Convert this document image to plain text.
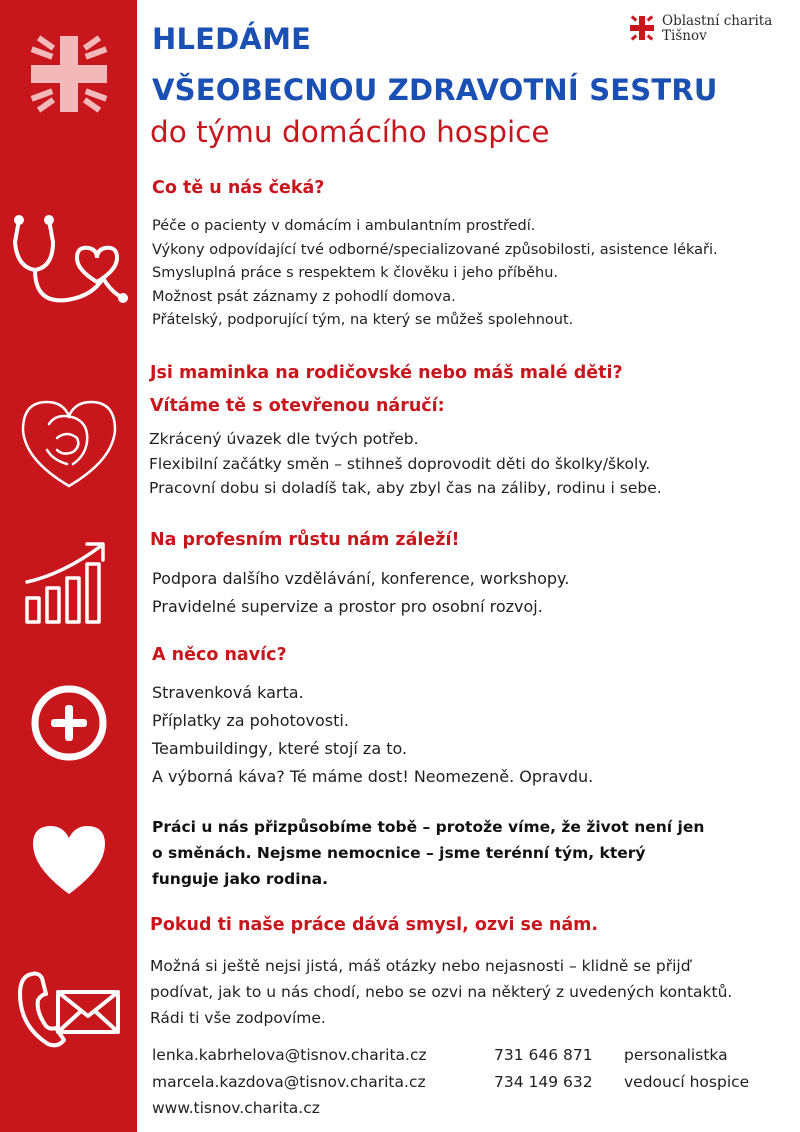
Oblastní charita
Tišnov
HLEDÁME
VŠEOBECNOU ZDRAVOTNÍ SESTRU
do týmu domácího hospice
Co tě u nás čeká?
Péče o pacienty v domácím i ambulantním prostředí.
Výkony odpovídající tvé odborné/specializované způsobilosti, asistence lékaři.
Smysluplná práce s respektem k člověku i jeho příběhu.
Možnost psát záznamy z pohodlí domova.
Přátelský, podporující tým, na který se můžeš spolehnout.
Jsi maminka na rodičovské nebo máš malé děti?
Vítáme tě s otevřenou náručí:
Zkrácený úvazek dle tvých potřeb.
Flexibilní začátky směn – stihneš doprovodit děti do školky/školy.
Pracovní dobu si doladíš tak, aby zbyl čas na záliby, rodinu i sebe.
Na profesním růstu nám záleží!
Podpora dalšího vzdělávání, konference, workshopy.
Pravidelné supervize a prostor pro osobní rozvoj.
A něco navíc?
Stravenková karta.
Příplatky za pohotovosti.
Teambuildingy, které stojí za to.
A výborná káva? Té máme dost! Neomezeně. Opravdu.
Práci u nás přizpůsobíme tobě – protože víme, že život není jen
o směnách. Nejsme nemocnice – jsme terénní tým, který
funguje jako rodina.
Pokud ti naše práce dává smysl, ozvi se nám.
Možná si ještě nejsi jistá, máš otázky nebo nejasnosti – klidně se přijď
podívat, jak to u nás chodí, nebo se ozvi na některý z uvedených kontaktů.
Rádi ti vše zodpovíme.
lenka.kabrhelova@tisnov.charita.cz	731 646 871	personalistka
marcela.kazdova@tisnov.charita.cz	734 149 632	vedoucí hospice
www.tisnov.charita.cz
